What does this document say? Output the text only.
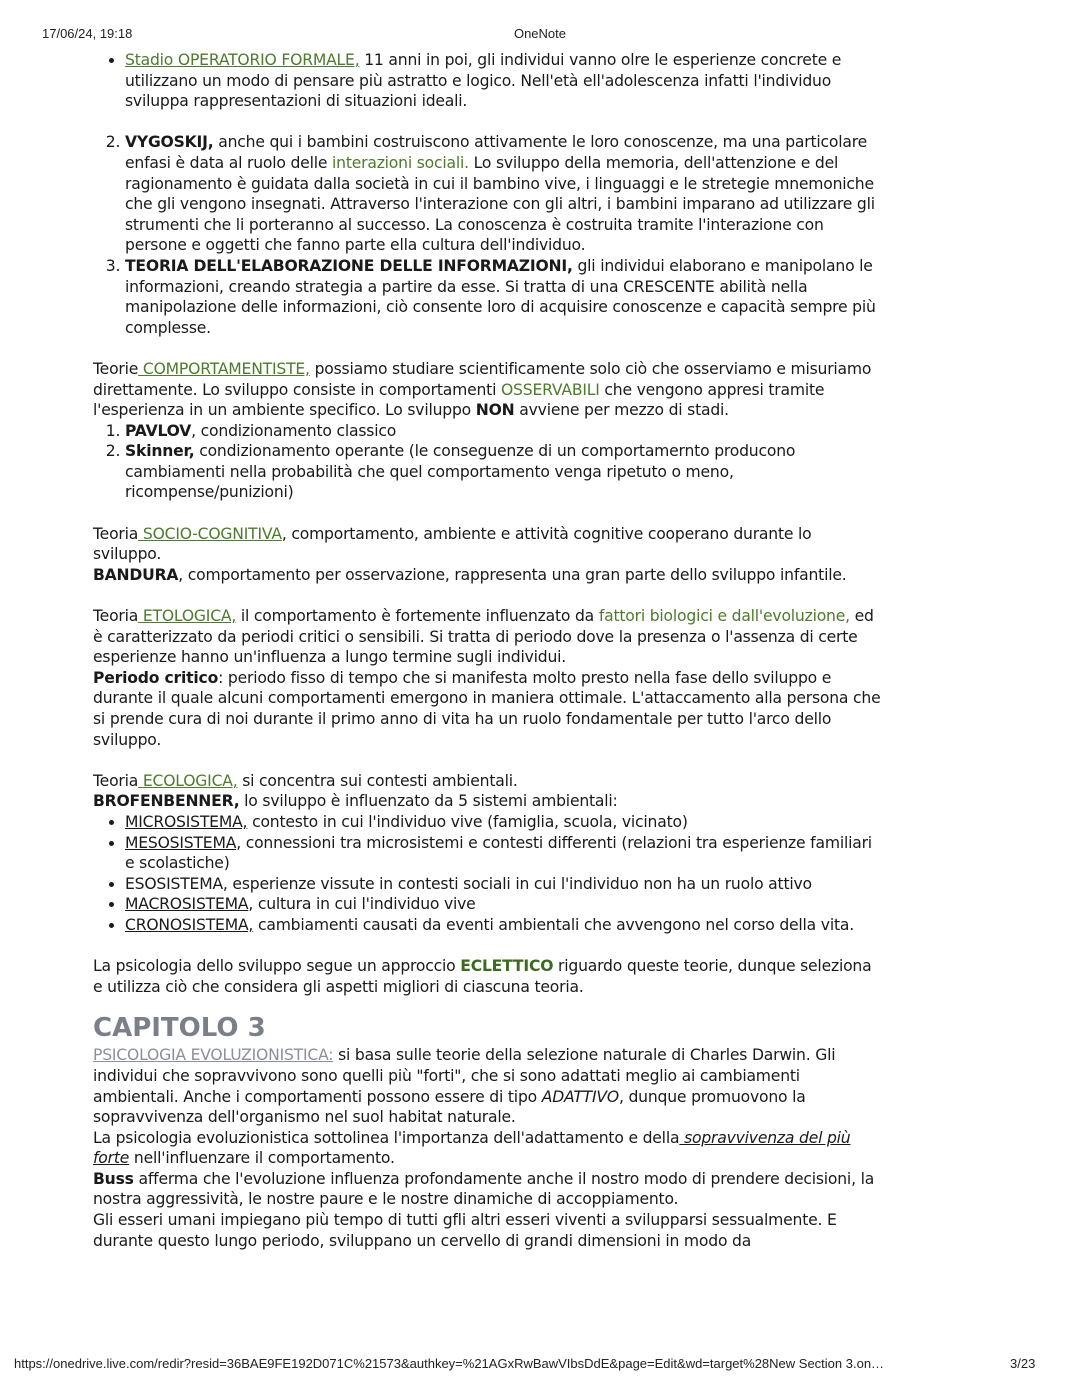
17/06/24, 19:18	OneNote
• Stadio OPERATORIO FORMALE, 11 anni in poi, gli individui vanno olre le esperienze concrete e utilizzano un modo di pensare più astratto e logico. Nell'età ell'adolescenza infatti l'individuo sviluppa rappresentazioni di situazioni ideali.
2. VYGOSKIJ, anche qui i bambini costruiscono attivamente le loro conoscenze, ma una particolare enfasi è data al ruolo delle interazioni sociali. Lo sviluppo della memoria, dell'attenzione e del ragionamento è guidata dalla società in cui il bambino vive, i linguaggi e le stretegie mnemoniche che gli vengono insegnati. Attraverso l'interazione con gli altri, i bambini imparano ad utilizzare gli strumenti che li porteranno al successo. La conoscenza è costruita tramite l'interazione con persone e oggetti che fanno parte ella cultura dell'individuo.
3. TEORIA DELL'ELABORAZIONE DELLE INFORMAZIONI, gli individui elaborano e manipolano le informazioni, creando strategia a partire da esse. Si tratta di una CRESCENTE abilità nella manipolazione delle informazioni, ciò consente loro di acquisire conoscenze e capacità sempre più complesse.

Teorie COMPORTAMENTISTE, possiamo studiare scientificamente solo ciò che osserviamo e misuriamo direttamente. Lo sviluppo consiste in comportamenti OSSERVABILI che vengono appresi tramite l'esperienza in un ambiente specifico. Lo sviluppo NON avviene per mezzo di stadi.

1. PAVLOV, condizionamento classico
2. Skinner, condizionamento operante (le conseguenze di un comportamernto producono cambiamenti nella probabilità che quel comportamento venga ripetuto o meno, ricompense/punizioni)

Teoria SOCIO-COGNITIVA, comportamento, ambiente e attività cognitive cooperano durante lo sviluppo.

BANDURA, comportamento per osservazione, rappresenta una gran parte dello sviluppo infantile.

Teoria ETOLOGICA, il comportamento è fortemente influenzato da fattori biologici e dall'evoluzione, ed è caratterizzato da periodi critici o sensibili. Si tratta di periodo dove la presenza o l'assenza di certe esperienze hanno un'influenza a lungo termine sugli individui.

Periodo critico: periodo fisso di tempo che si manifesta molto presto nella fase dello sviluppo e durante il quale alcuni comportamenti emergono in maniera ottimale. L'attaccamento alla persona che si prende cura di noi durante il primo anno di vita ha un ruolo fondamentale per tutto l'arco dello sviluppo.

Teoria ECOLOGICA, si concentra sui contesti ambientali.

BROFENBENNER, lo sviluppo è influenzato da 5 sistemi ambientali:

• MICROSISTEMA, contesto in cui l'individuo vive (famiglia, scuola, vicinato)
• MESOSISTEMA, connessioni tra microsistemi e contesti differenti (relazioni tra esperienze familiari e scolastiche)
• ESOSISTEMA, esperienze vissute in contesti sociali in cui l'individuo non ha un ruolo attivo
• MACROSISTEMA, cultura in cui l'individuo vive
• CRONOSISTEMA, cambiamenti causati da eventi ambientali che avvengono nel corso della vita.

La psicologia dello sviluppo segue un approccio ECLETTICO riguardo queste teorie, dunque seleziona e utilizza ciò che considera gli aspetti migliori di ciascuna teoria.

CAPITOLO 3

PSICOLOGIA EVOLUZIONISTICA: si basa sulle teorie della selezione naturale di Charles Darwin. Gli individui che sopravvivono sono quelli più "forti", che si sono adattati meglio ai cambiamenti ambientali. Anche i comportamenti possono essere di tipo ADATTIVO, dunque promuovono la sopravvivenza dell'organismo nel suol habitat naturale.

La psicologia evoluzionistica sottolinea l'importanza dell'adattamento e della sopravvivenza del più forte nell'influenzare il comportamento.

Buss afferma che l'evoluzione influenza profondamente anche il nostro modo di prendere decisioni, la nostra aggressività, le nostre paure e le nostre dinamiche di accoppiamento.

Gli esseri umani impiegano più tempo di tutti gfli altri esseri viventi a svilupparsi sessualmente. E durante questo lungo periodo, sviluppano un cervello di grandi dimensioni in modo da

https://onedrive.live.com/redir?resid=36BAE9FE192D071C%21573&authkey=%21AGxRwBawVIbsDdE&page=Edit&wd=target%28New Section 3.on…	3/23
